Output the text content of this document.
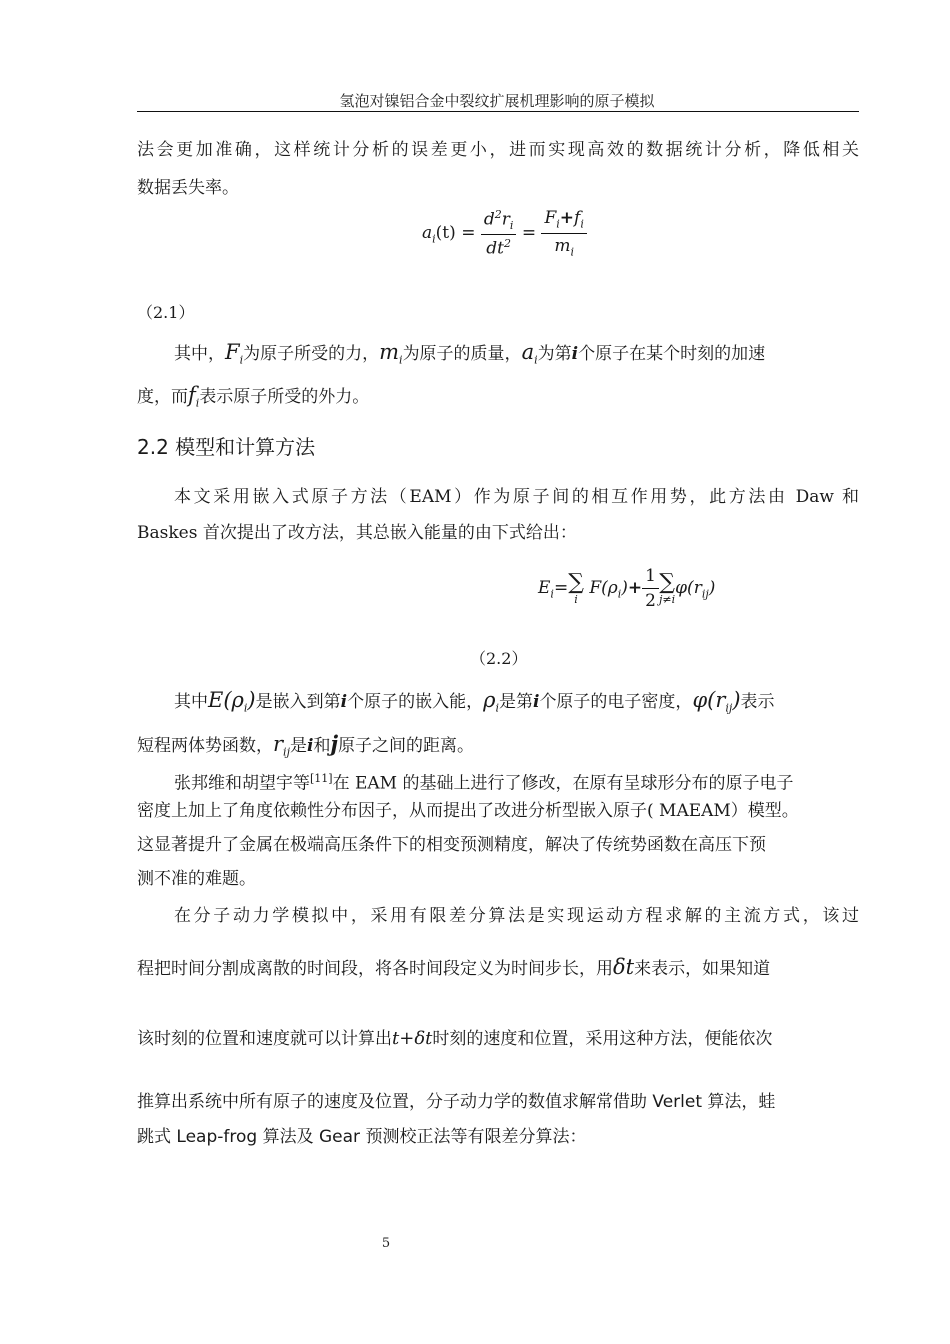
氢泡对镍铝合金中裂纹扩展机理影响的原子模拟
法会更加准确，这样统计分析的误差更小，进而实现高效的数据统计分析，降低相关
数据丢失率。
$a_i(t) = \frac{d^2r_i}{dt^2} = \frac{F_i+f_i}{m_i}$
（2.1）
其中，$F_i$为原子所受的力，$m_i$为原子的质量，$a_i$为第i个原子在某个时刻的加速
度，而$f_i$表示原子所受的外力。
2.2 模型和计算方法
本文采用嵌入式原子方法（EAM）作为原子间的相互作用势，此方法由 Daw 和
Baskes 首次提出了改方法，其总嵌入能量的由下式给出：
$E_i=$ ∑
i
$F(\rho_i)+ \frac{1}{2}$ ∑
j≠i
$\varphi(r_{ij})$
（2.2）
其中$E(\rho_i)$是嵌入到第i个原子的嵌入能，$\rho_i$是第i个原子的电子密度，$\varphi(r_{ij})$表示
短程两体势函数，$r_{ij}$是i和j原子之间的距离。
张邦维和胡望宇等[11]在 EAM 的基础上进行了修改，在原有呈球形分布的原子电子
密度上加上了角度依赖性分布因子，从而提出了改进分析型嵌入原子( MAEAM）模型。
这显著提升了金属在极端高压条件下的相变预测精度，解决了传统势函数在高压下预
测不准的难题。
在分子动力学模拟中，采用有限差分算法是实现运动方程求解的主流方式，该过
程把时间分割成离散的时间段，将各时间段定义为时间步长，用δt来表示，如果知道
该时刻的位置和速度就可以计算出t+δt时刻的速度和位置，采用这种方法，便能依次
推算出系统中所有原子的速度及位置，分子动力学的数值求解常借助 Verlet 算法，蛙
跳式 Leap-frog 算法及 Gear 预测校正法等有限差分算法：
5
